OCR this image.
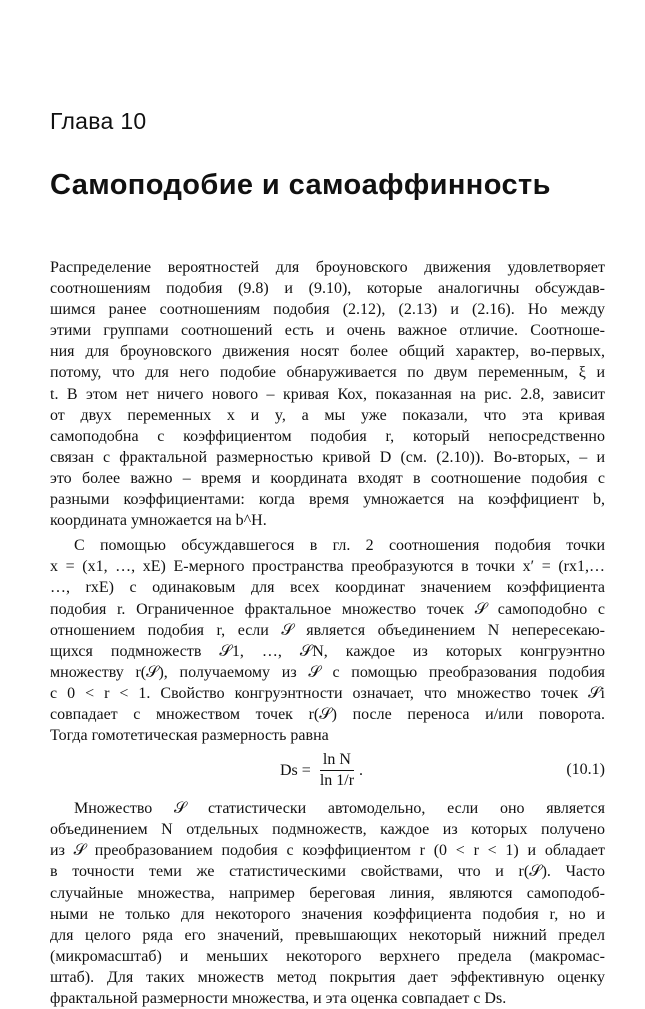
Глава 10
Самоподобие и самоаффинность
Распределение вероятностей для броуновского движения удовлетворяет
соотношениям подобия (9.8) и (9.10), которые аналогичны обсуждав-
шимся ранее соотношениям подобия (2.12), (2.13) и (2.16). Но между
этими группами соотношений есть и очень важное отличие. Соотноше-
ния для броуновского движения носят более общий характер, во-первых,
потому, что для него подобие обнаруживается по двум переменным, ξ и
t. В этом нет ничего нового – кривая Кох, показанная на рис. 2.8, зависит
от двух переменных x и y, а мы уже показали, что эта кривая
самоподобна с коэффициентом подобия r, который непосредственно
связан с фрактальной размерностью кривой D (см. (2.10)). Во-вторых, – и
это более важно – время и координата входят в соотношение подобия с
разными коэффициентами: когда время умножается на коэффициент b,
координата умножается на b^H.
С помощью обсуждавшегося в гл. 2 соотношения подобия точки
x = (x1, …, xE) E-мерного пространства преобразуются в точки x′ = (rx1,…
…, rxE) с одинаковым для всех координат значением коэффициента
подобия r. Ограниченное фрактальное множество точек 𝒮 самоподобно с
отношением подобия r, если 𝒮 является объединением N непересекаю-
щихся подмножеств 𝒮1, …, 𝒮N, каждое из которых конгруэнтно
множеству r(𝒮), получаемому из 𝒮 с помощью преобразования подобия
с 0 < r < 1. Свойство конгруэнтности означает, что множество точек 𝒮i
совпадает с множеством точек r(𝒮) после переноса и/или поворота.
Тогда гомотетическая размерность равна
$Ds = \frac{\text{ln N}}{\ln 1/r}$ .	(10.1)
Множество 𝒮 статистически автомодельно, если оно является
объединением N отдельных подмножеств, каждое из которых получено
из 𝒮 преобразованием подобия с коэффициентом r (0 < r < 1) и обладает
в точности теми же статистическими свойствами, что и r(𝒮). Часто
случайные множества, например береговая линия, являются самоподоб-
ными не только для некоторого значения коэффициента подобия r, но и
для целого ряда его значений, превышающих некоторый нижний предел
(микромасштаб) и меньших некоторого верхнего предела (макромас-
штаб). Для таких множеств метод покрытия дает эффективную оценку
фрактальной размерности множества, и эта оценка совпадает с Ds.
